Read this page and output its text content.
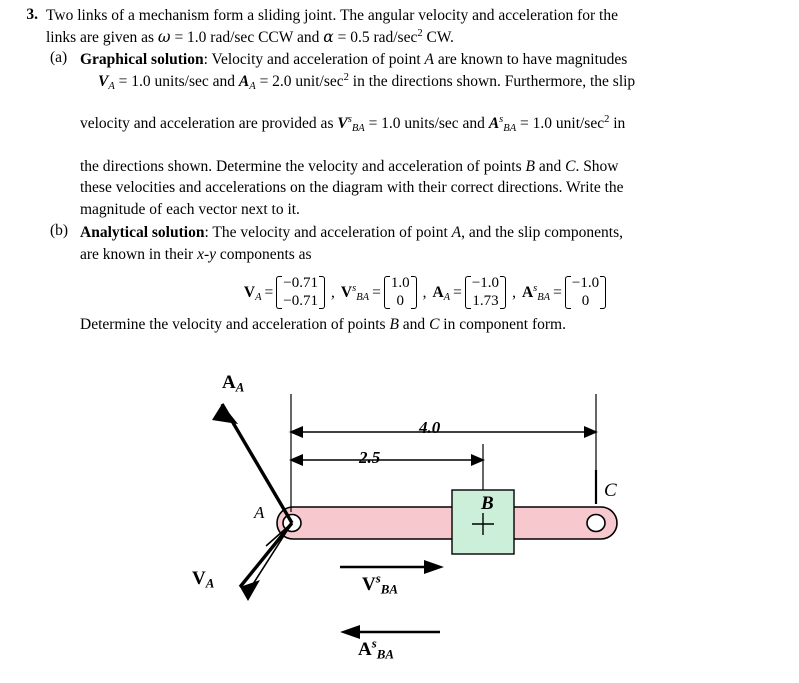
3. Two links of a mechanism form a sliding joint. The angular velocity and acceleration for the
links are given as ω = 1.0 rad/sec CCW and α = 0.5 rad/$\sec^2$ CW.
(a) Graphical solution: Velocity and acceleration of point A are known to have magnitudes
$V_A = 1.0$ units/sec and $A_A = 2.0$ unit/$\sec^2$ in the directions shown. Furthermore, the slip

velocity and acceleration are provided as $V^s_{BA} = 1.0$ units/sec and $A^s_{BA} = 1.0$ unit/$\sec^2$ in

the directions shown. Determine the velocity and acceleration of points B and C. Show
these velocities and accelerations on the diagram with their correct directions. Write the
magnitude of each vector next to it.
(b) Analytical solution: The velocity and acceleration of point A, and the slip components,
are known in their x-y components as
$V_A$ =
−0.71
−0.71 , $V^s_{BA}$ =
1.0
0 , $A_A$ =
−1.0
1.73 , $A^s_{BA}$ =
−1.0
0
Determine the velocity and acceleration of points B and C in component form.
$A_A$
$V_A$	$V^s_{BA}$
$A^s_{BA}$
A	B
C
4.0
2.5
